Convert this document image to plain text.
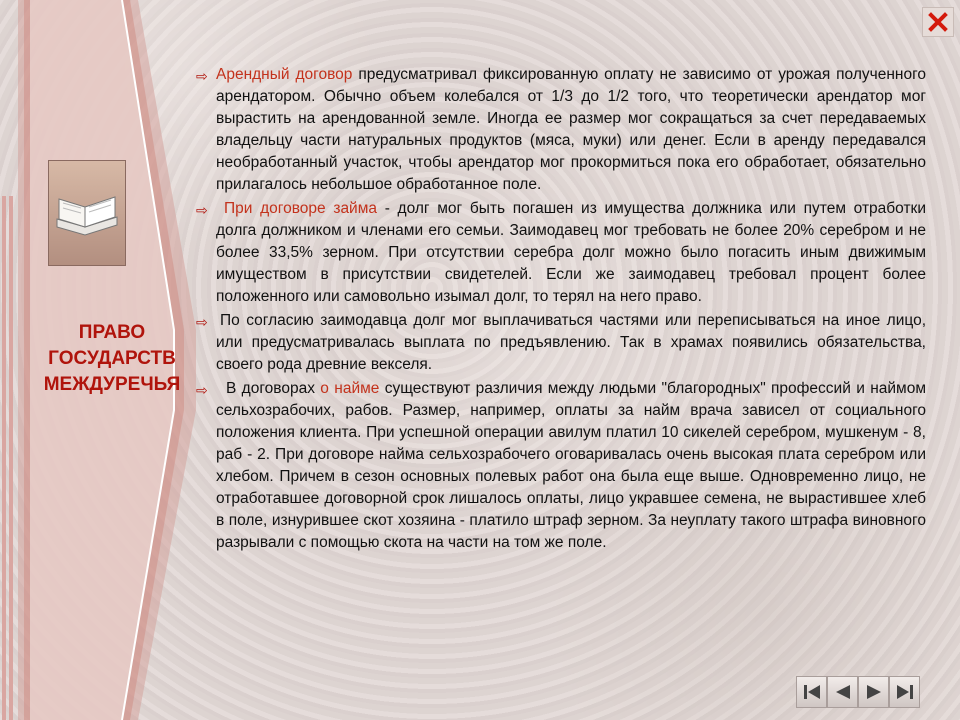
ПРАВО
ГОСУДАРСТВ
МЕЖДУРЕЧЬЯ

⇨ Арендный договор предусматривал фиксированную оплату не зависимо от урожая полученного арендатором. Обычно объем колебался от 1/3 до 1/2 того, что теоретически арендатор мог вырастить на арендованной земле. Иногда ее размер мог сокращаться за счет передаваемых владельцу части натуральных продуктов (мяса, муки) или денег. Если в аренду передавался необработанный участок, чтобы арендатор мог прокормиться пока его обработает, обязательно прилагалось небольшое обработанное поле.

⇨ При договоре займа - долг мог быть погашен из имущества должника или путем отработки долга должником и членами его семьи. Заимодавец мог требовать не более 20% серебром и не более 33,5% зерном. При отсутствии серебра долг можно было погасить иным движимым имуществом в присутствии свидетелей. Если же заимодавец требовал процент более положенного или самовольно изымал долг, то терял на него право.

⇨ По согласию заимодавца долг мог выплачиваться частями или переписываться на иное лицо, или предусматривалась выплата по предъявлению. Так в храмах появились обязательства, своего рода древние векселя.

⇨ В договорах о найме существуют различия между людьми "благородных" профессий и наймом сельхозрабочих, рабов. Размер, например, оплаты за найм врача зависел от социального положения клиента. При успешной операции авилум платил 10 сикелей серебром, мушкенум - 8, раб - 2. При договоре найма сельхозрабочего оговаривалась очень высокая плата серебром или хлебом. Причем в сезон основных полевых работ она была еще выше. Одновременно лицо, не отработавшее договорной срок лишалось оплаты, лицо укравшее семена, не вырастившее хлеб в поле, изнурившее скот хозяина - платило штраф зерном. За неуплату такого штрафа виновного разрывали с помощью скота на части на том же поле.
